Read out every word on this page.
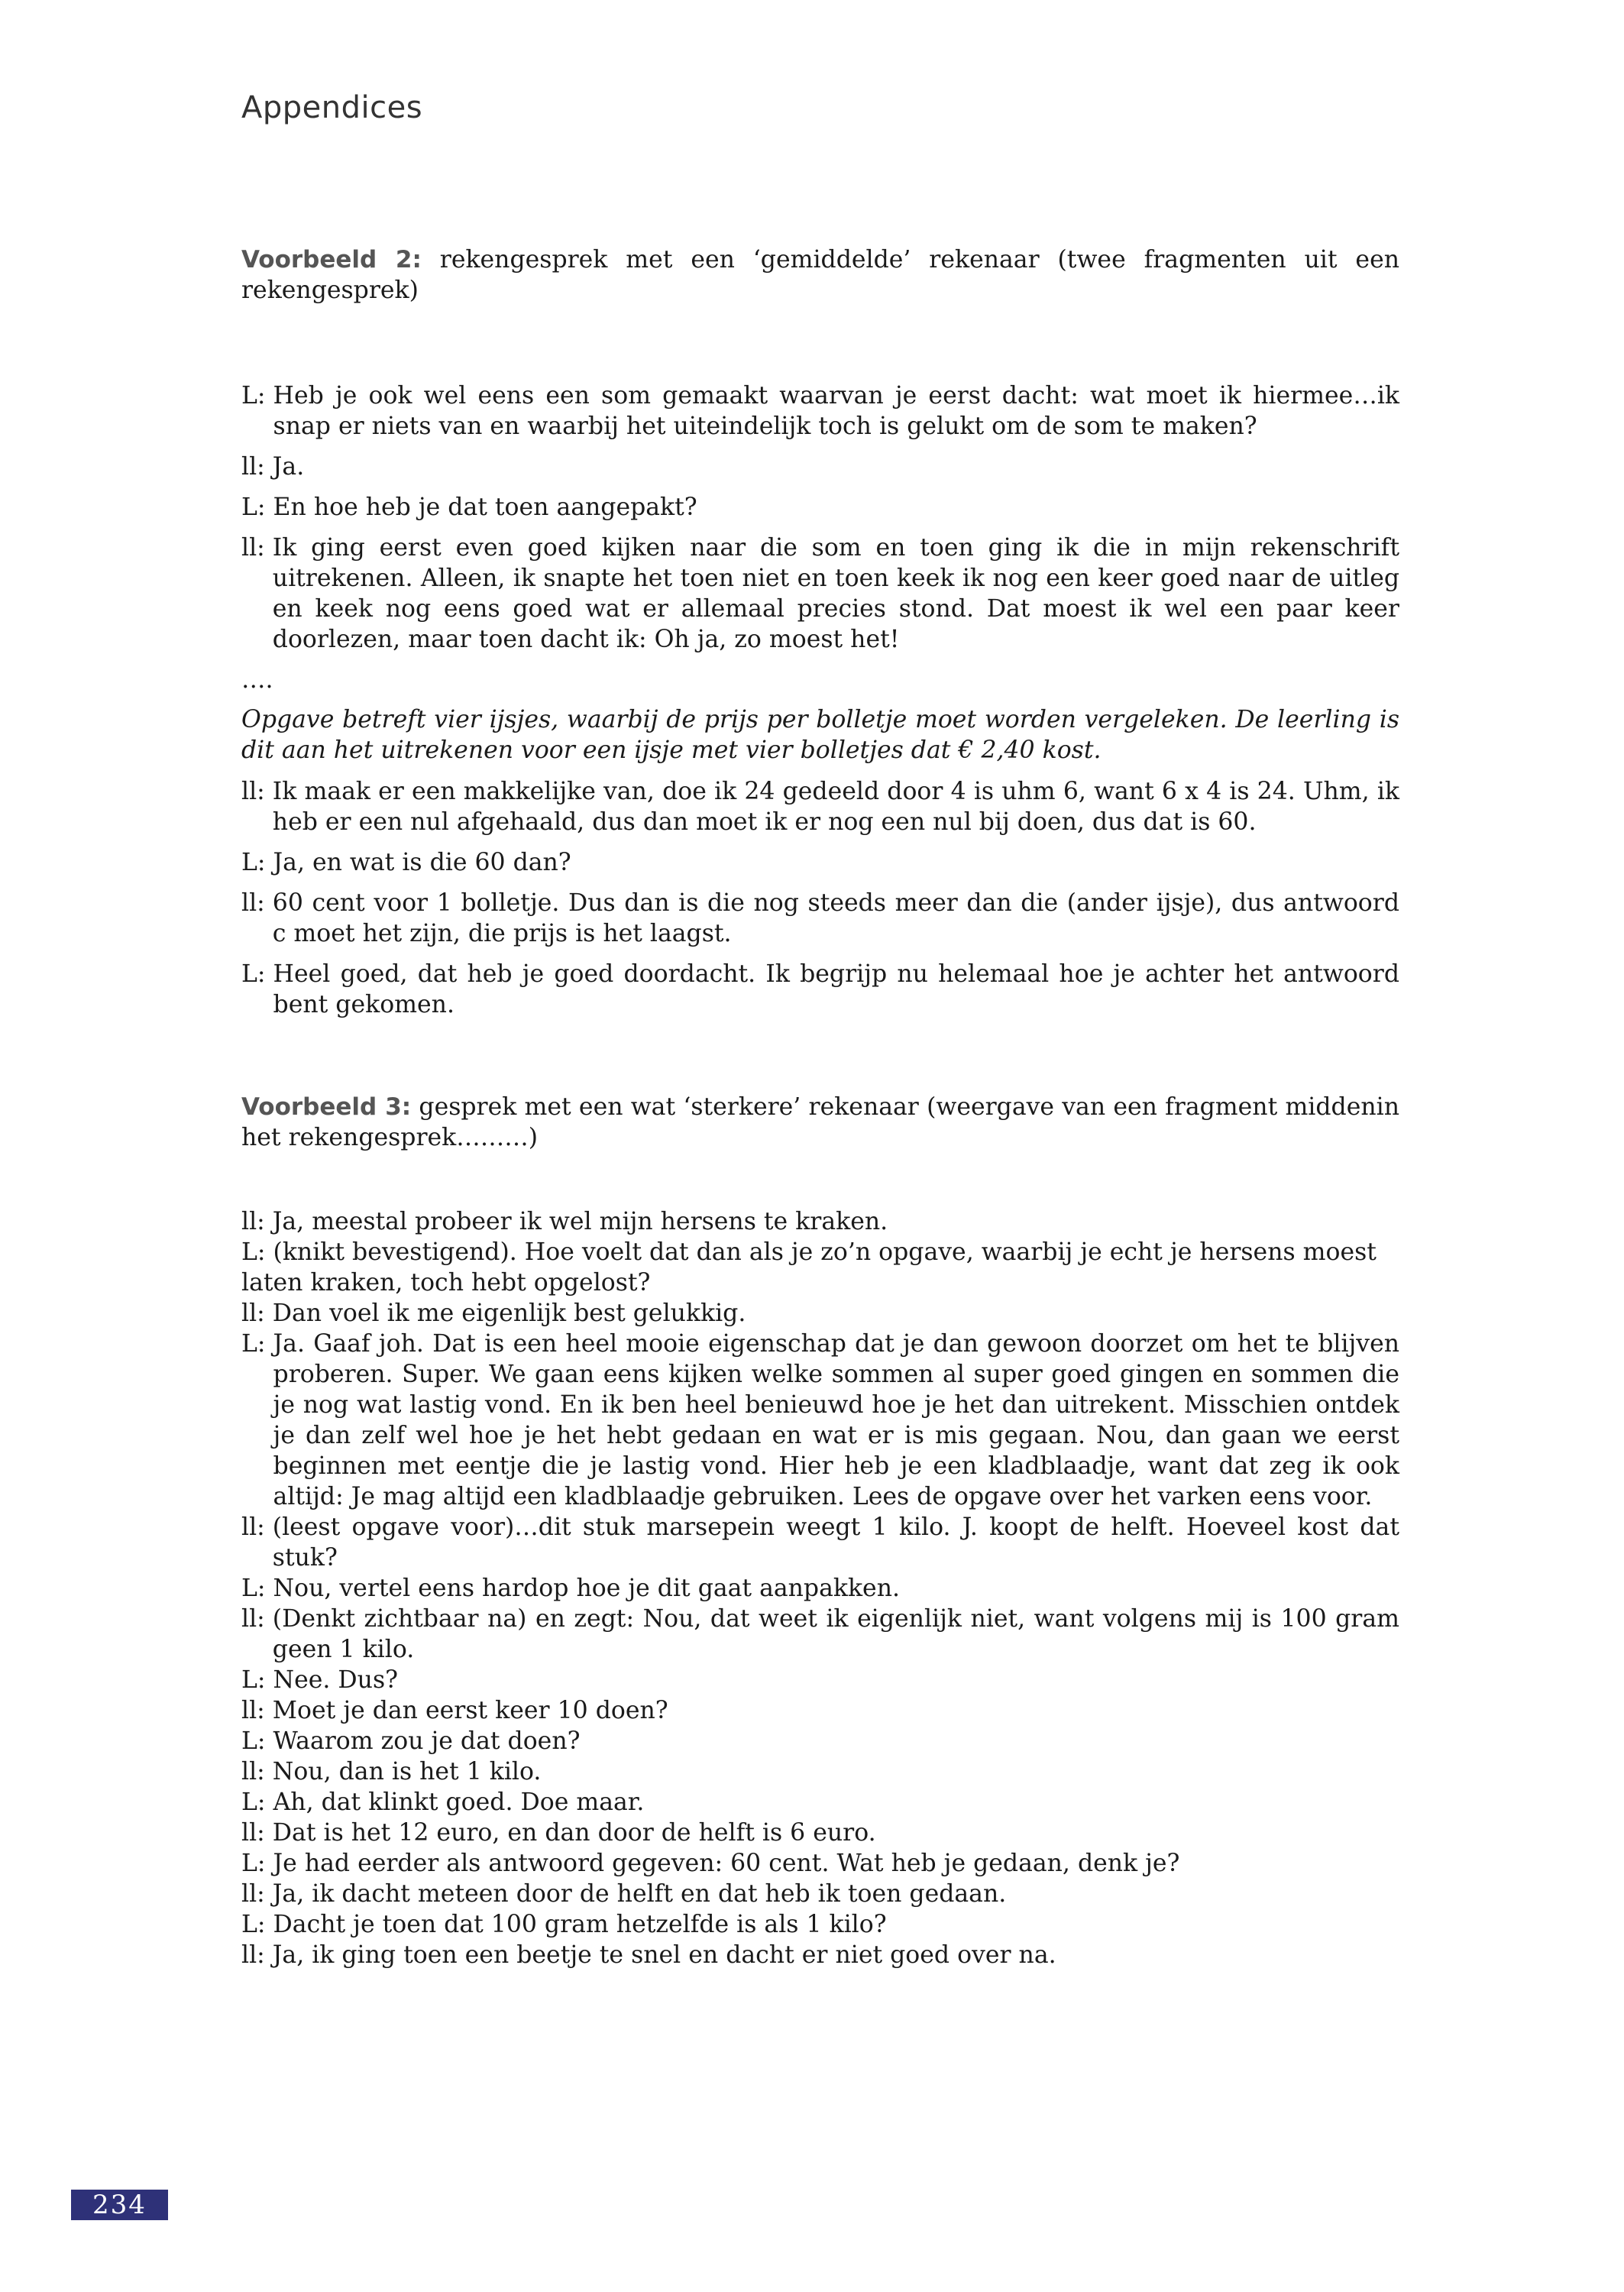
Appendices

Voorbeeld 2: rekengesprek met een ‘gemiddelde’ rekenaar (twee fragmenten uit een rekengesprek)

L: Heb je ook wel eens een som gemaakt waarvan je eerst dacht: wat moet ik hiermee…ik snap er niets van en waarbij het uiteindelijk toch is gelukt om de som te maken?
ll: Ja.
L: En hoe heb je dat toen aangepakt?
ll: Ik ging eerst even goed kijken naar die som en toen ging ik die in mijn rekenschrift uitrekenen. Alleen, ik snapte het toen niet en toen keek ik nog een keer goed naar de uitleg en keek nog eens goed wat er allemaal precies stond. Dat moest ik wel een paar keer doorlezen, maar toen dacht ik: Oh ja, zo moest het!

….

Opgave betreft vier ijsjes, waarbij de prijs per bolletje moet worden vergeleken. De leerling is dit aan het uitrekenen voor een ijsje met vier bolletjes dat € 2,40 kost.

ll: Ik maak er een makkelijke van, doe ik 24 gedeeld door 4 is uhm 6, want 6 x 4 is 24. Uhm, ik heb er een nul afgehaald, dus dan moet ik er nog een nul bij doen, dus dat is 60.
L: Ja, en wat is die 60 dan?
ll: 60 cent voor 1 bolletje. Dus dan is die nog steeds meer dan die (ander ijsje), dus antwoord c moet het zijn, die prijs is het laagst.
L: Heel goed, dat heb je goed doordacht. Ik begrijp nu helemaal hoe je achter het antwoord bent gekomen.

Voorbeeld 3: gesprek met een wat ‘sterkere’ rekenaar (weergave van een fragment middenin het rekengesprek………)

ll: Ja, meestal probeer ik wel mijn hersens te kraken.

L: (knikt bevestigend). Hoe voelt dat dan als je zo’n opgave, waarbij je echt je hersens moest laten kraken, toch hebt opgelost?

ll: Dan voel ik me eigenlijk best gelukkig.

L: Ja. Gaaf joh. Dat is een heel mooie eigenschap dat je dan gewoon doorzet om het te blijven proberen. Super. We gaan eens kijken welke sommen al super goed gingen en sommen die je nog wat lastig vond. En ik ben heel benieuwd hoe je het dan uitrekent. Misschien ontdek je dan zelf wel hoe je het hebt gedaan en wat er is mis gegaan. Nou, dan gaan we eerst beginnen met eentje die je lastig vond. Hier heb je een kladblaadje, want dat zeg ik ook altijd: Je mag altijd een kladblaadje gebruiken. Lees de opgave over het varken eens voor.
ll: (leest opgave voor)…dit stuk marsepein weegt 1 kilo. J. koopt de helft. Hoeveel kost dat stuk?
L: Nou, vertel eens hardop hoe je dit gaat aanpakken.
ll: (Denkt zichtbaar na) en zegt: Nou, dat weet ik eigenlijk niet, want volgens mij is 100 gram geen 1 kilo.
L: Nee. Dus?
ll: Moet je dan eerst keer 10 doen?
L: Waarom zou je dat doen?
ll: Nou, dan is het 1 kilo.
L: Ah, dat klinkt goed. Doe maar.
ll: Dat is het 12 euro, en dan door de helft is 6 euro.
L: Je had eerder als antwoord gegeven: 60 cent. Wat heb je gedaan, denk je?
ll: Ja, ik dacht meteen door de helft en dat heb ik toen gedaan.
L: Dacht je toen dat 100 gram hetzelfde is als 1 kilo?
ll: Ja, ik ging toen een beetje te snel en dacht er niet goed over na.
234
